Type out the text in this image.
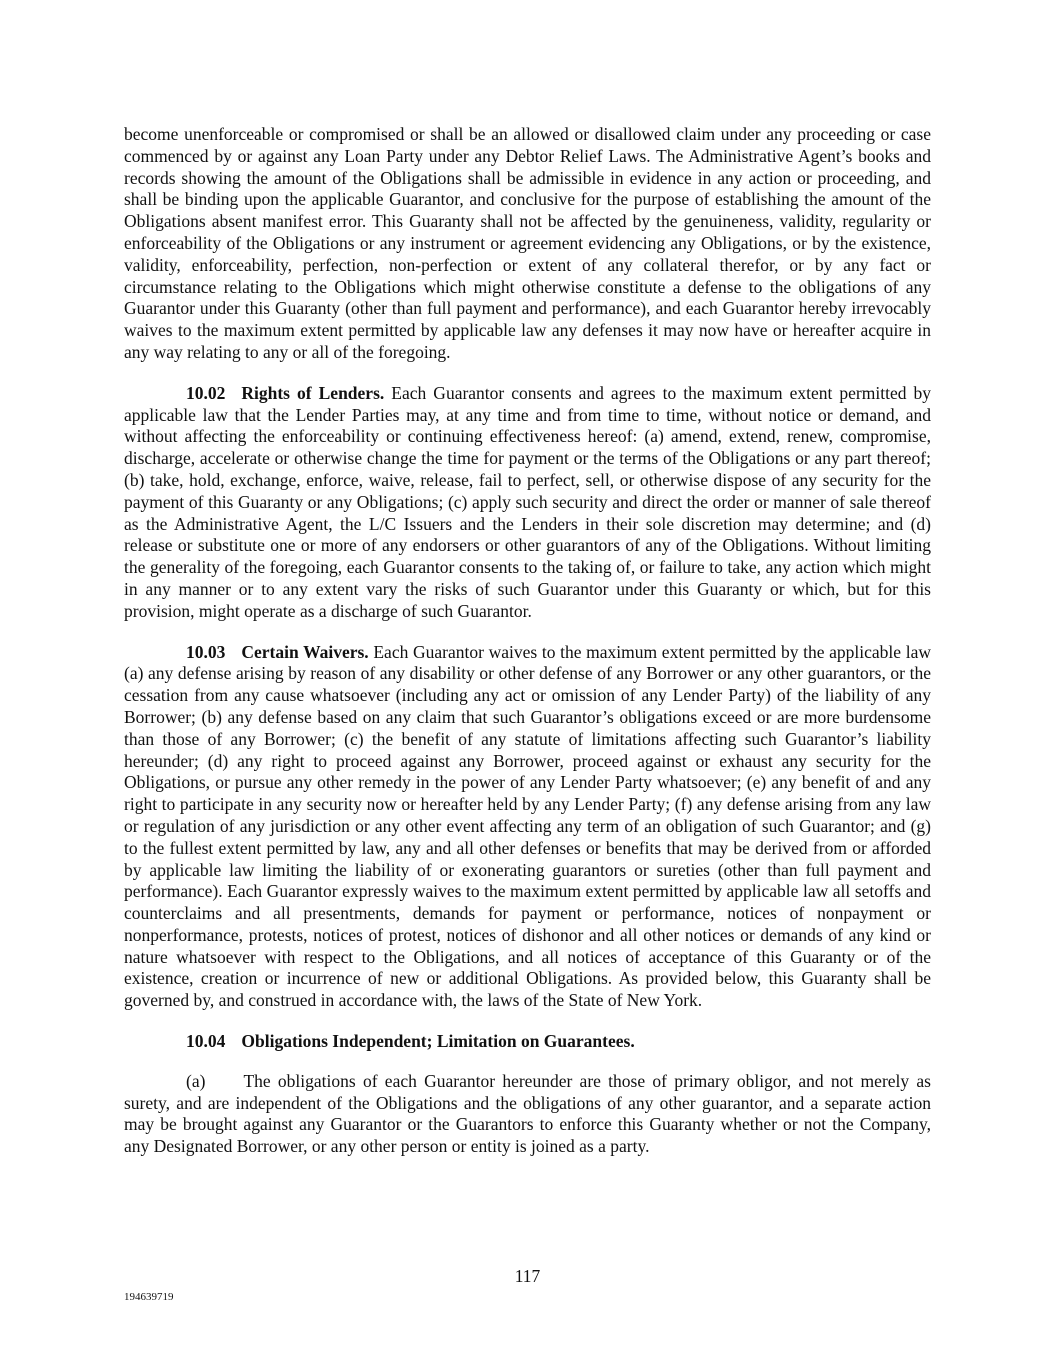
become unenforceable or compromised or shall be an allowed or disallowed claim under any proceeding or case commenced by or against any Loan Party under any Debtor Relief Laws. The Administrative Agent’s books and records showing the amount of the Obligations shall be admissible in evidence in any action or proceeding, and shall be binding upon the applicable Guarantor, and conclusive for the purpose of establishing the amount of the Obligations absent manifest error. This Guaranty shall not be affected by the genuineness, validity, regularity or enforceability of the Obligations or any instrument or agreement evidencing any Obligations, or by the existence, validity, enforceability, perfection, non-perfection or extent of any collateral therefor, or by any fact or circumstance relating to the Obligations which might otherwise constitute a defense to the obligations of any Guarantor under this Guaranty (other than full payment and performance), and each Guarantor hereby irrevocably waives to the maximum extent permitted by applicable law any defenses it may now have or hereafter acquire in any way relating to any or all of the foregoing.

10.02 Rights of Lenders. Each Guarantor consents and agrees to the maximum extent permitted by applicable law that the Lender Parties may, at any time and from time to time, without notice or demand, and without affecting the enforceability or continuing effectiveness hereof: (a) amend, extend, renew, compromise, discharge, accelerate or otherwise change the time for payment or the terms of the Obligations or any part thereof; (b) take, hold, exchange, enforce, waive, release, fail to perfect, sell, or otherwise dispose of any security for the payment of this Guaranty or any Obligations; (c) apply such security and direct the order or manner of sale thereof as the Administrative Agent, the L/C Issuers and the Lenders in their sole discretion may determine; and (d) release or substitute one or more of any endorsers or other guarantors of any of the Obligations. Without limiting the generality of the foregoing, each Guarantor consents to the taking of, or failure to take, any action which might in any manner or to any extent vary the risks of such Guarantor under this Guaranty or which, but for this provision, might operate as a discharge of such Guarantor.

10.03 Certain Waivers. Each Guarantor waives to the maximum extent permitted by the applicable law (a) any defense arising by reason of any disability or other defense of any Borrower or any other guarantors, or the cessation from any cause whatsoever (including any act or omission of any Lender Party) of the liability of any Borrower; (b) any defense based on any claim that such Guarantor’s obligations exceed or are more burdensome than those of any Borrower; (c) the benefit of any statute of limitations affecting such Guarantor’s liability hereunder; (d) any right to proceed against any Borrower, proceed against or exhaust any security for the Obligations, or pursue any other remedy in the power of any Lender Party whatsoever; (e) any benefit of and any right to participate in any security now or hereafter held by any Lender Party; (f) any defense arising from any law or regulation of any jurisdiction or any other event affecting any term of an obligation of such Guarantor; and (g) to the fullest extent permitted by law, any and all other defenses or benefits that may be derived from or afforded by applicable law limiting the liability of or exonerating guarantors or sureties (other than full payment and performance). Each Guarantor expressly waives to the maximum extent permitted by applicable law all setoffs and counterclaims and all presentments, demands for payment or performance, notices of nonpayment or nonperformance, protests, notices of protest, notices of dishonor and all other notices or demands of any kind or nature whatsoever with respect to the Obligations, and all notices of acceptance of this Guaranty or of the existence, creation or incurrence of new or additional Obligations. As provided below, this Guaranty shall be governed by, and construed in accordance with, the laws of the State of New York.

10.04 Obligations Independent; Limitation on Guarantees.

(a) The obligations of each Guarantor hereunder are those of primary obligor, and not merely as surety, and are independent of the Obligations and the obligations of any other guarantor, and a separate action may be brought against any Guarantor or the Guarantors to enforce this Guaranty whether or not the Company, any Designated Borrower, or any other person or entity is joined as a party.

117
194639719
